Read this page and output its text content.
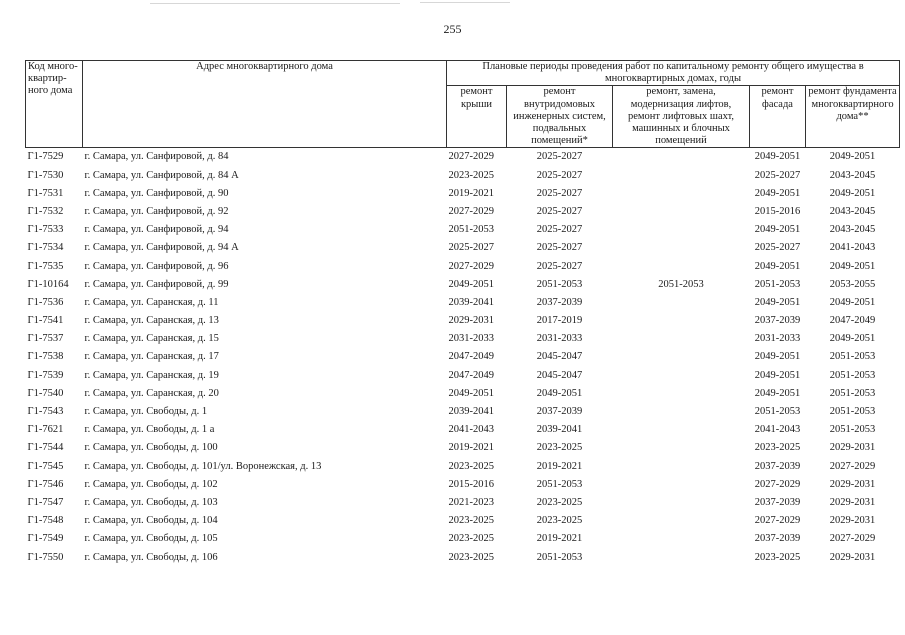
255
Код много-квартир-ного дома	Адрес многоквартирного дома	Плановые периоды проведения работ по капитальному ремонту общего имущества в многоквартирных домах, годы				
		ремонт крыши	ремонт внутридомовых инженерных систем, подвальных помещений*	ремонт, замена, модернизация лифтов, ремонт лифтовых шахт, машинных и блочных помещений	ремонт фасада	ремонт фундамента многоквартирного дома**
Г1-7529	г. Самара, ул. Санфировой, д. 84	2027-2029	2025-2027		2049-2051	2049-2051
Г1-7530	г. Самара, ул. Санфировой, д. 84 А	2023-2025	2025-2027		2025-2027	2043-2045
Г1-7531	г. Самара, ул. Санфировой, д. 90	2019-2021	2025-2027		2049-2051	2049-2051
Г1-7532	г. Самара, ул. Санфировой, д. 92	2027-2029	2025-2027		2015-2016	2043-2045
Г1-7533	г. Самара, ул. Санфировой, д. 94	2051-2053	2025-2027		2049-2051	2043-2045
Г1-7534	г. Самара, ул. Санфировой, д. 94 А	2025-2027	2025-2027		2025-2027	2041-2043
Г1-7535	г. Самара, ул. Санфировой, д. 96	2027-2029	2025-2027		2049-2051	2049-2051
Г1-10164	г. Самара, ул. Санфировой, д. 99	2049-2051	2051-2053	2051-2053	2051-2053	2053-2055
Г1-7536	г. Самара, ул. Саранская, д. 11	2039-2041	2037-2039		2049-2051	2049-2051
Г1-7541	г. Самара, ул. Саранская, д. 13	2029-2031	2017-2019		2037-2039	2047-2049
Г1-7537	г. Самара, ул. Саранская, д. 15	2031-2033	2031-2033		2031-2033	2049-2051
Г1-7538	г. Самара, ул. Саранская, д. 17	2047-2049	2045-2047		2049-2051	2051-2053
Г1-7539	г. Самара, ул. Саранская, д. 19	2047-2049	2045-2047		2049-2051	2051-2053
Г1-7540	г. Самара, ул. Саранская, д. 20	2049-2051	2049-2051		2049-2051	2051-2053
Г1-7543	г. Самара, ул. Свободы, д. 1	2039-2041	2037-2039		2051-2053	2051-2053
Г1-7621	г. Самара, ул. Свободы, д. 1 а	2041-2043	2039-2041		2041-2043	2051-2053
Г1-7544	г. Самара, ул. Свободы, д. 100	2019-2021	2023-2025		2023-2025	2029-2031
Г1-7545	г. Самара, ул. Свободы, д. 101/ул. Воронежская, д. 13	2023-2025	2019-2021		2037-2039	2027-2029
Г1-7546	г. Самара, ул. Свободы, д. 102	2015-2016	2051-2053		2027-2029	2029-2031
Г1-7547	г. Самара, ул. Свободы, д. 103	2021-2023	2023-2025		2037-2039	2029-2031
Г1-7548	г. Самара, ул. Свободы, д. 104	2023-2025	2023-2025		2027-2029	2029-2031
Г1-7549	г. Самара, ул. Свободы, д. 105	2023-2025	2019-2021		2037-2039	2027-2029
Г1-7550	г. Самара, ул. Свободы, д. 106	2023-2025	2051-2053		2023-2025	2029-2031
